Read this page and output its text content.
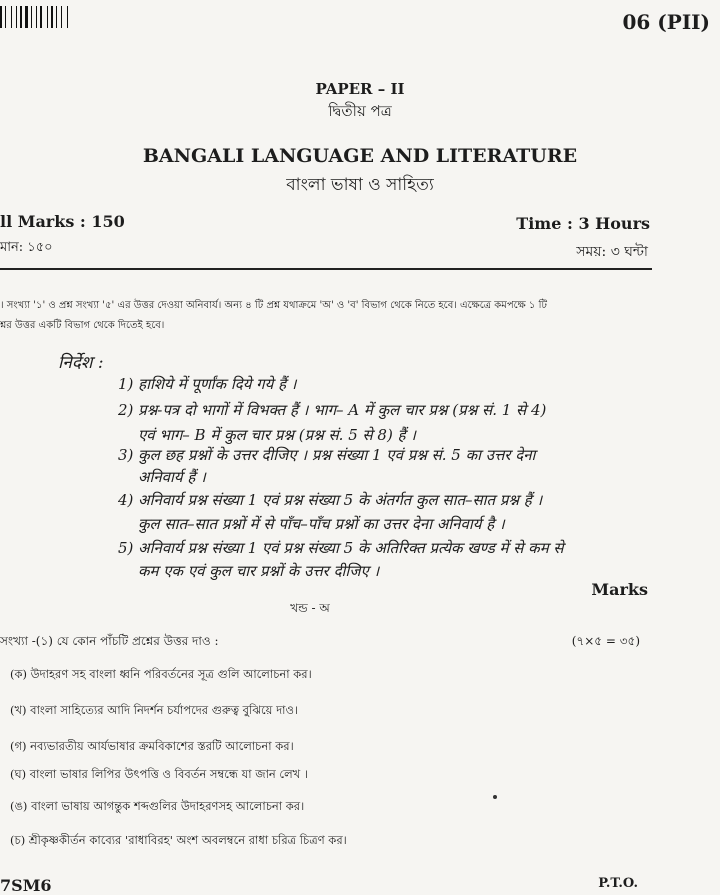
06 (PII)
PAPER – II
দ্বিতীয় পত্র
BANGALI LANGUAGE AND LITERATURE
বাংলা ভাষা ও সাহিত্য
ll Marks : 150	Time : 3 Hours
মান: ১৫০	সময়: ৩ ঘন্টা
। সংখ্যা '১' ও প্রশ্ন সংখ্যা '৫' এর উত্তর দেওয়া অনিবার্য। অন্য ৪ টি প্রশ্ন যথাক্রমে 'অ' ও 'ব' বিভাগ থেকে নিতে হবে। এক্ষেত্রে কমপক্ষে ১ টি
শ্নর উত্তর একটি বিভাগ থেকে দিতেই হবে।
निर्देश :
1) हाशिये में पूर्णांक दिये गये हैं ।
2) प्रश्न-पत्र दो भागों में विभक्त हैं । भाग– A में कुल चार प्रश्न (प्रश्न सं. 1 से 4)
एवं भाग– B में कुल चार प्रश्न (प्रश्न सं. 5 से 8) हैं ।
3) कुल छह प्रश्नों के उत्तर दीजिए । प्रश्न संख्या 1 एवं प्रश्न सं. 5 का उत्तर देना
अनिवार्य हैं ।
4) अनिवार्य प्रश्न संख्या 1 एवं प्रश्न संख्या 5 के अंतर्गत कुल सात–सात प्रश्न हैं ।
कुल सात–सात प्रश्नों में से पाँच–पाँच प्रश्नों का उत्तर देना अनिवार्य है ।
5) अनिवार्य प्रश्न संख्या 1 एवं प्रश्न संख्या 5 के अतिरिक्त प्रत्येक खण्ड में से कम से
कम एक एवं कुल चार प्रश्नों के उत्तर दीजिए ।
Marks
খন্ড - অ
সংখ্যা -(১) যে কোন পাঁচটি প্রশ্নের উত্তর দাও :	(৭×৫ = ৩৫)
(ক) উদাহরণ সহ বাংলা ধ্বনি পরিবর্তনের সূত্র গুলি আলোচনা কর।
(খ) বাংলা সাহিত্যের আদি নিদর্শন চর্যাপদের গুরুত্ব বুঝিয়ে দাও।
(গ) নব্যভারতীয় আর্যভাষার ক্রমবিকাশের স্তরটি আলোচনা কর।
(ঘ) বাংলা ভাষার লিপির উৎপত্তি ও বিবর্তন সম্বন্ধে যা জান লেখ ।
(ঙ) বাংলা ভাষায় আগন্তুক শব্দগুলির উদাহরণসহ আলোচনা কর।
(চ) শ্রীকৃষ্ণকীর্তন কাব্যের 'রাধাবিরহ' অংশ অবলম্বনে রাধা চরিত্র চিত্রণ কর।
7SM6	P.T.O.
